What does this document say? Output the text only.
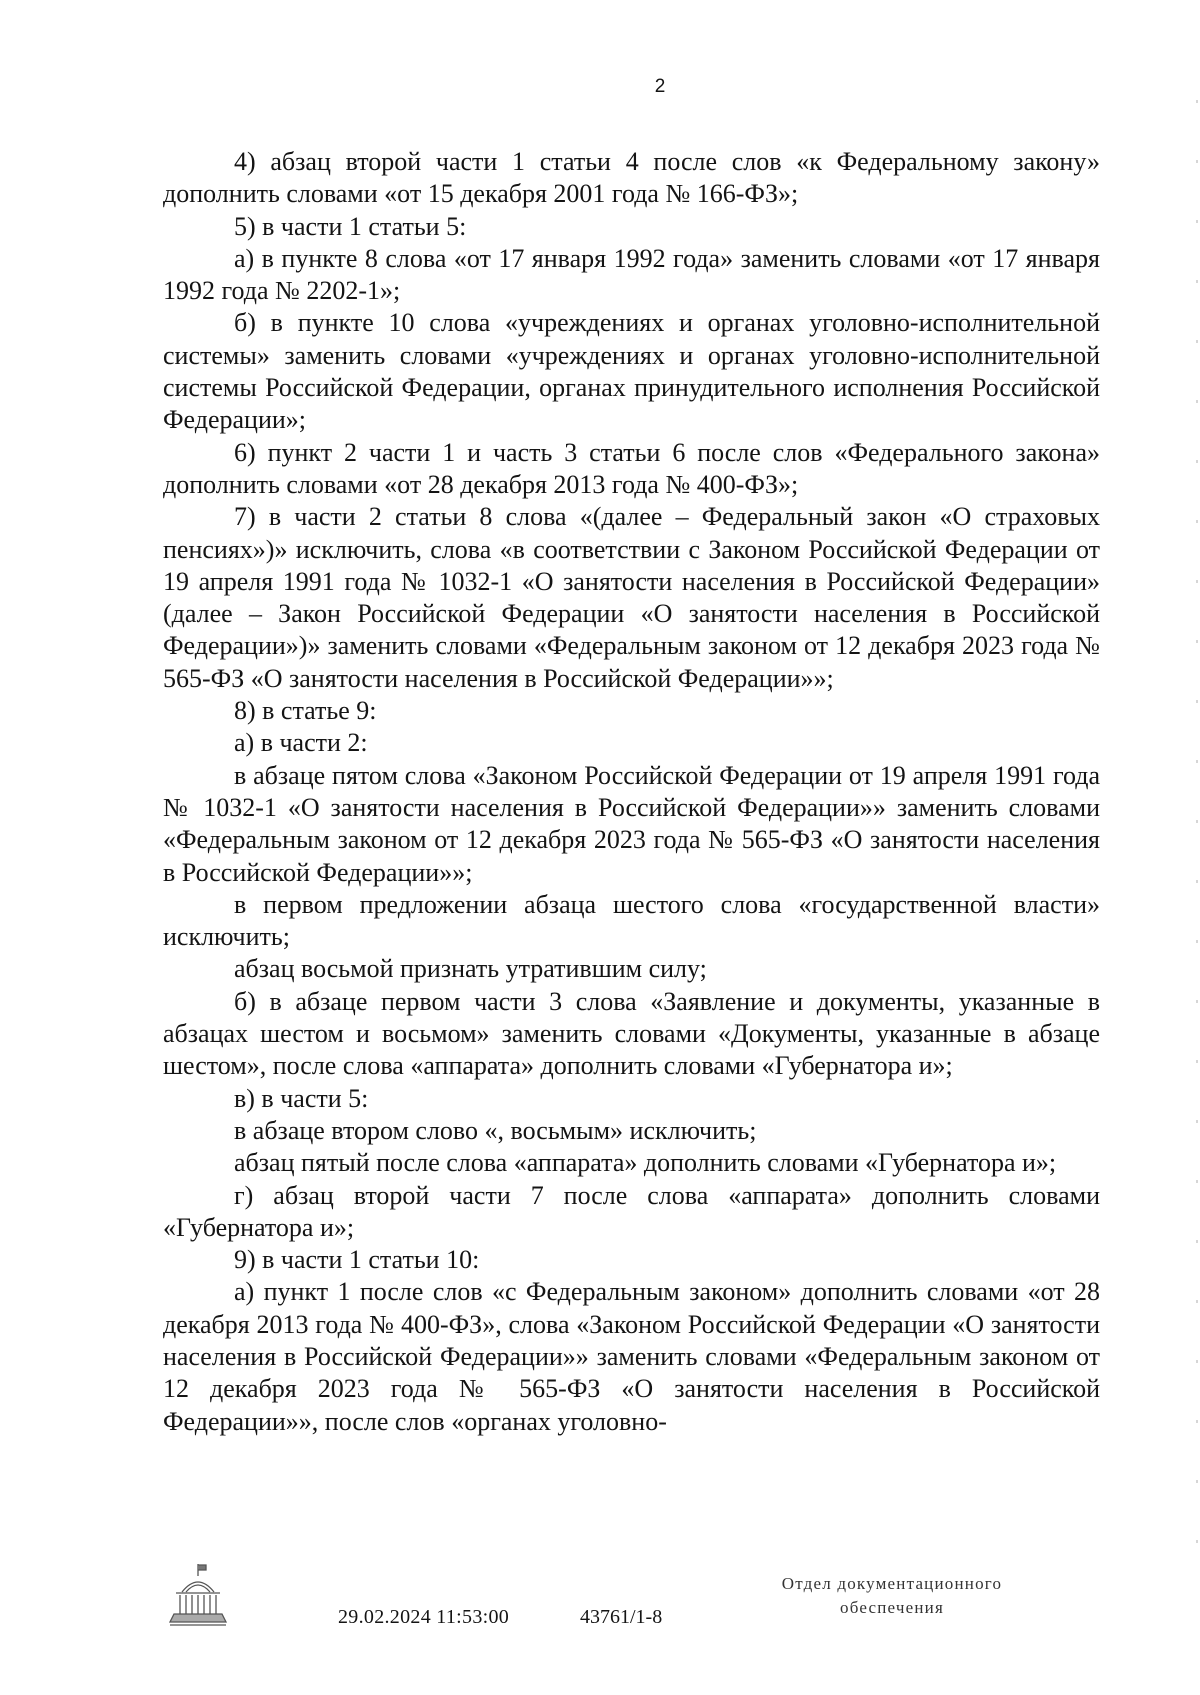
2

4) абзац второй части 1 статьи 4 после слов «к Федеральному закону» дополнить словами «от 15 декабря 2001 года № 166-ФЗ»;

5) в части 1 статьи 5:

а) в пункте 8 слова «от 17 января 1992 года» заменить словами «от 17 января 1992 года № 2202-1»;

б) в пункте 10 слова «учреждениях и органах уголовно-исполнительной системы» заменить словами «учреждениях и органах уголовно-исполнительной системы Российской Федерации, органах принудительного исполнения Российской Федерации»;

6) пункт 2 части 1 и часть 3 статьи 6 после слов «Федерального закона» дополнить словами «от 28 декабря 2013 года № 400-ФЗ»;

7) в части 2 статьи 8 слова «(далее – Федеральный закон «О страховых пенсиях»)» исключить, слова «в соответствии с Законом Российской Федерации от 19 апреля 1991 года № 1032-1 «О занятости населения в Российской Федерации» (далее – Закон Российской Федерации «О занятости населения в Российской Федерации»)» заменить словами «Федеральным законом от 12 декабря 2023 года № 565-ФЗ «О занятости населения в Российской Федерации»»;

8) в статье 9:

а) в части 2:

в абзаце пятом слова «Законом Российской Федерации от 19 апреля 1991 года № 1032-1 «О занятости населения в Российской Федерации»» заменить словами «Федеральным законом от 12 декабря 2023 года № 565-ФЗ «О занятости населения в Российской Федерации»»;

в первом предложении абзаца шестого слова «государственной власти» исключить;

абзац восьмой признать утратившим силу;

б) в абзаце первом части 3 слова «Заявление и документы, указанные в абзацах шестом и восьмом» заменить словами «Документы, указанные в абзаце шестом», после слова «аппарата» дополнить словами «Губернатора и»;

в) в части 5:

в абзаце втором слово «, восьмым» исключить;

абзац пятый после слова «аппарата» дополнить словами «Губернатора и»;

г) абзац второй части 7 после слова «аппарата» дополнить словами «Губернатора и»;

9) в части 1 статьи 10:

а) пункт 1 после слов «с Федеральным законом» дополнить словами «от 28 декабря 2013 года № 400-ФЗ», слова «Законом Российской Федерации «О занятости населения в Российской Федерации»» заменить словами «Федеральным законом от 12 декабря 2023 года № 565-ФЗ «О занятости населения в Российской Федерации»», после слов «органах уголовно-

29.02.2024 11:53:00	43761/1-8
Отдел документационного
обеспечения
